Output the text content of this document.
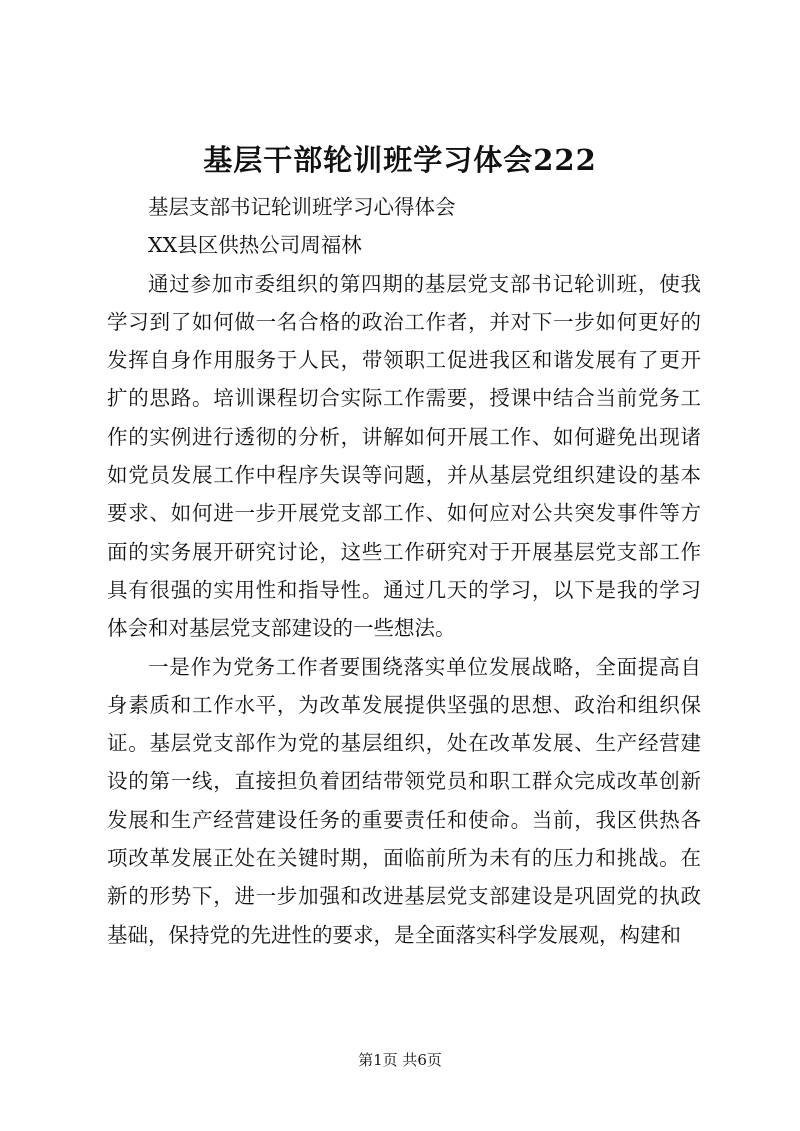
基层干部轮训班学习体会222

基层支部书记轮训班学习心得体会

XX县区供热公司周福林

通过参加市委组织的第四期的基层党支部书记轮训班，使我学习到了如何做一名合格的政治工作者，并对下一步如何更好的发挥自身作用服务于人民，带领职工促进我区和谐发展有了更开扩的思路。培训课程切合实际工作需要，授课中结合当前党务工作的实例进行透彻的分析，讲解如何开展工作、如何避免出现诸如党员发展工作中程序失误等问题，并从基层党组织建设的基本要求、如何进一步开展党支部工作、如何应对公共突发事件等方面的实务展开研究讨论，这些工作研究对于开展基层党支部工作具有很强的实用性和指导性。通过几天的学习，以下是我的学习体会和对基层党支部建设的一些想法。

一是作为党务工作者要围绕落实单位发展战略，全面提高自身素质和工作水平，为改革发展提供坚强的思想、政治和组织保证。基层党支部作为党的基层组织，处在改革发展、生产经营建设的第一线，直接担负着团结带领党员和职工群众完成改革创新发展和生产经营建设任务的重要责任和使命。当前，我区供热各项改革发展正处在关键时期，面临前所为未有的压力和挑战。在新的形势下，进一步加强和改进基层党支部建设是巩固党的执政基础，保持党的先进性的要求，是全面落实科学发展观，构建和

第1页 共6页
